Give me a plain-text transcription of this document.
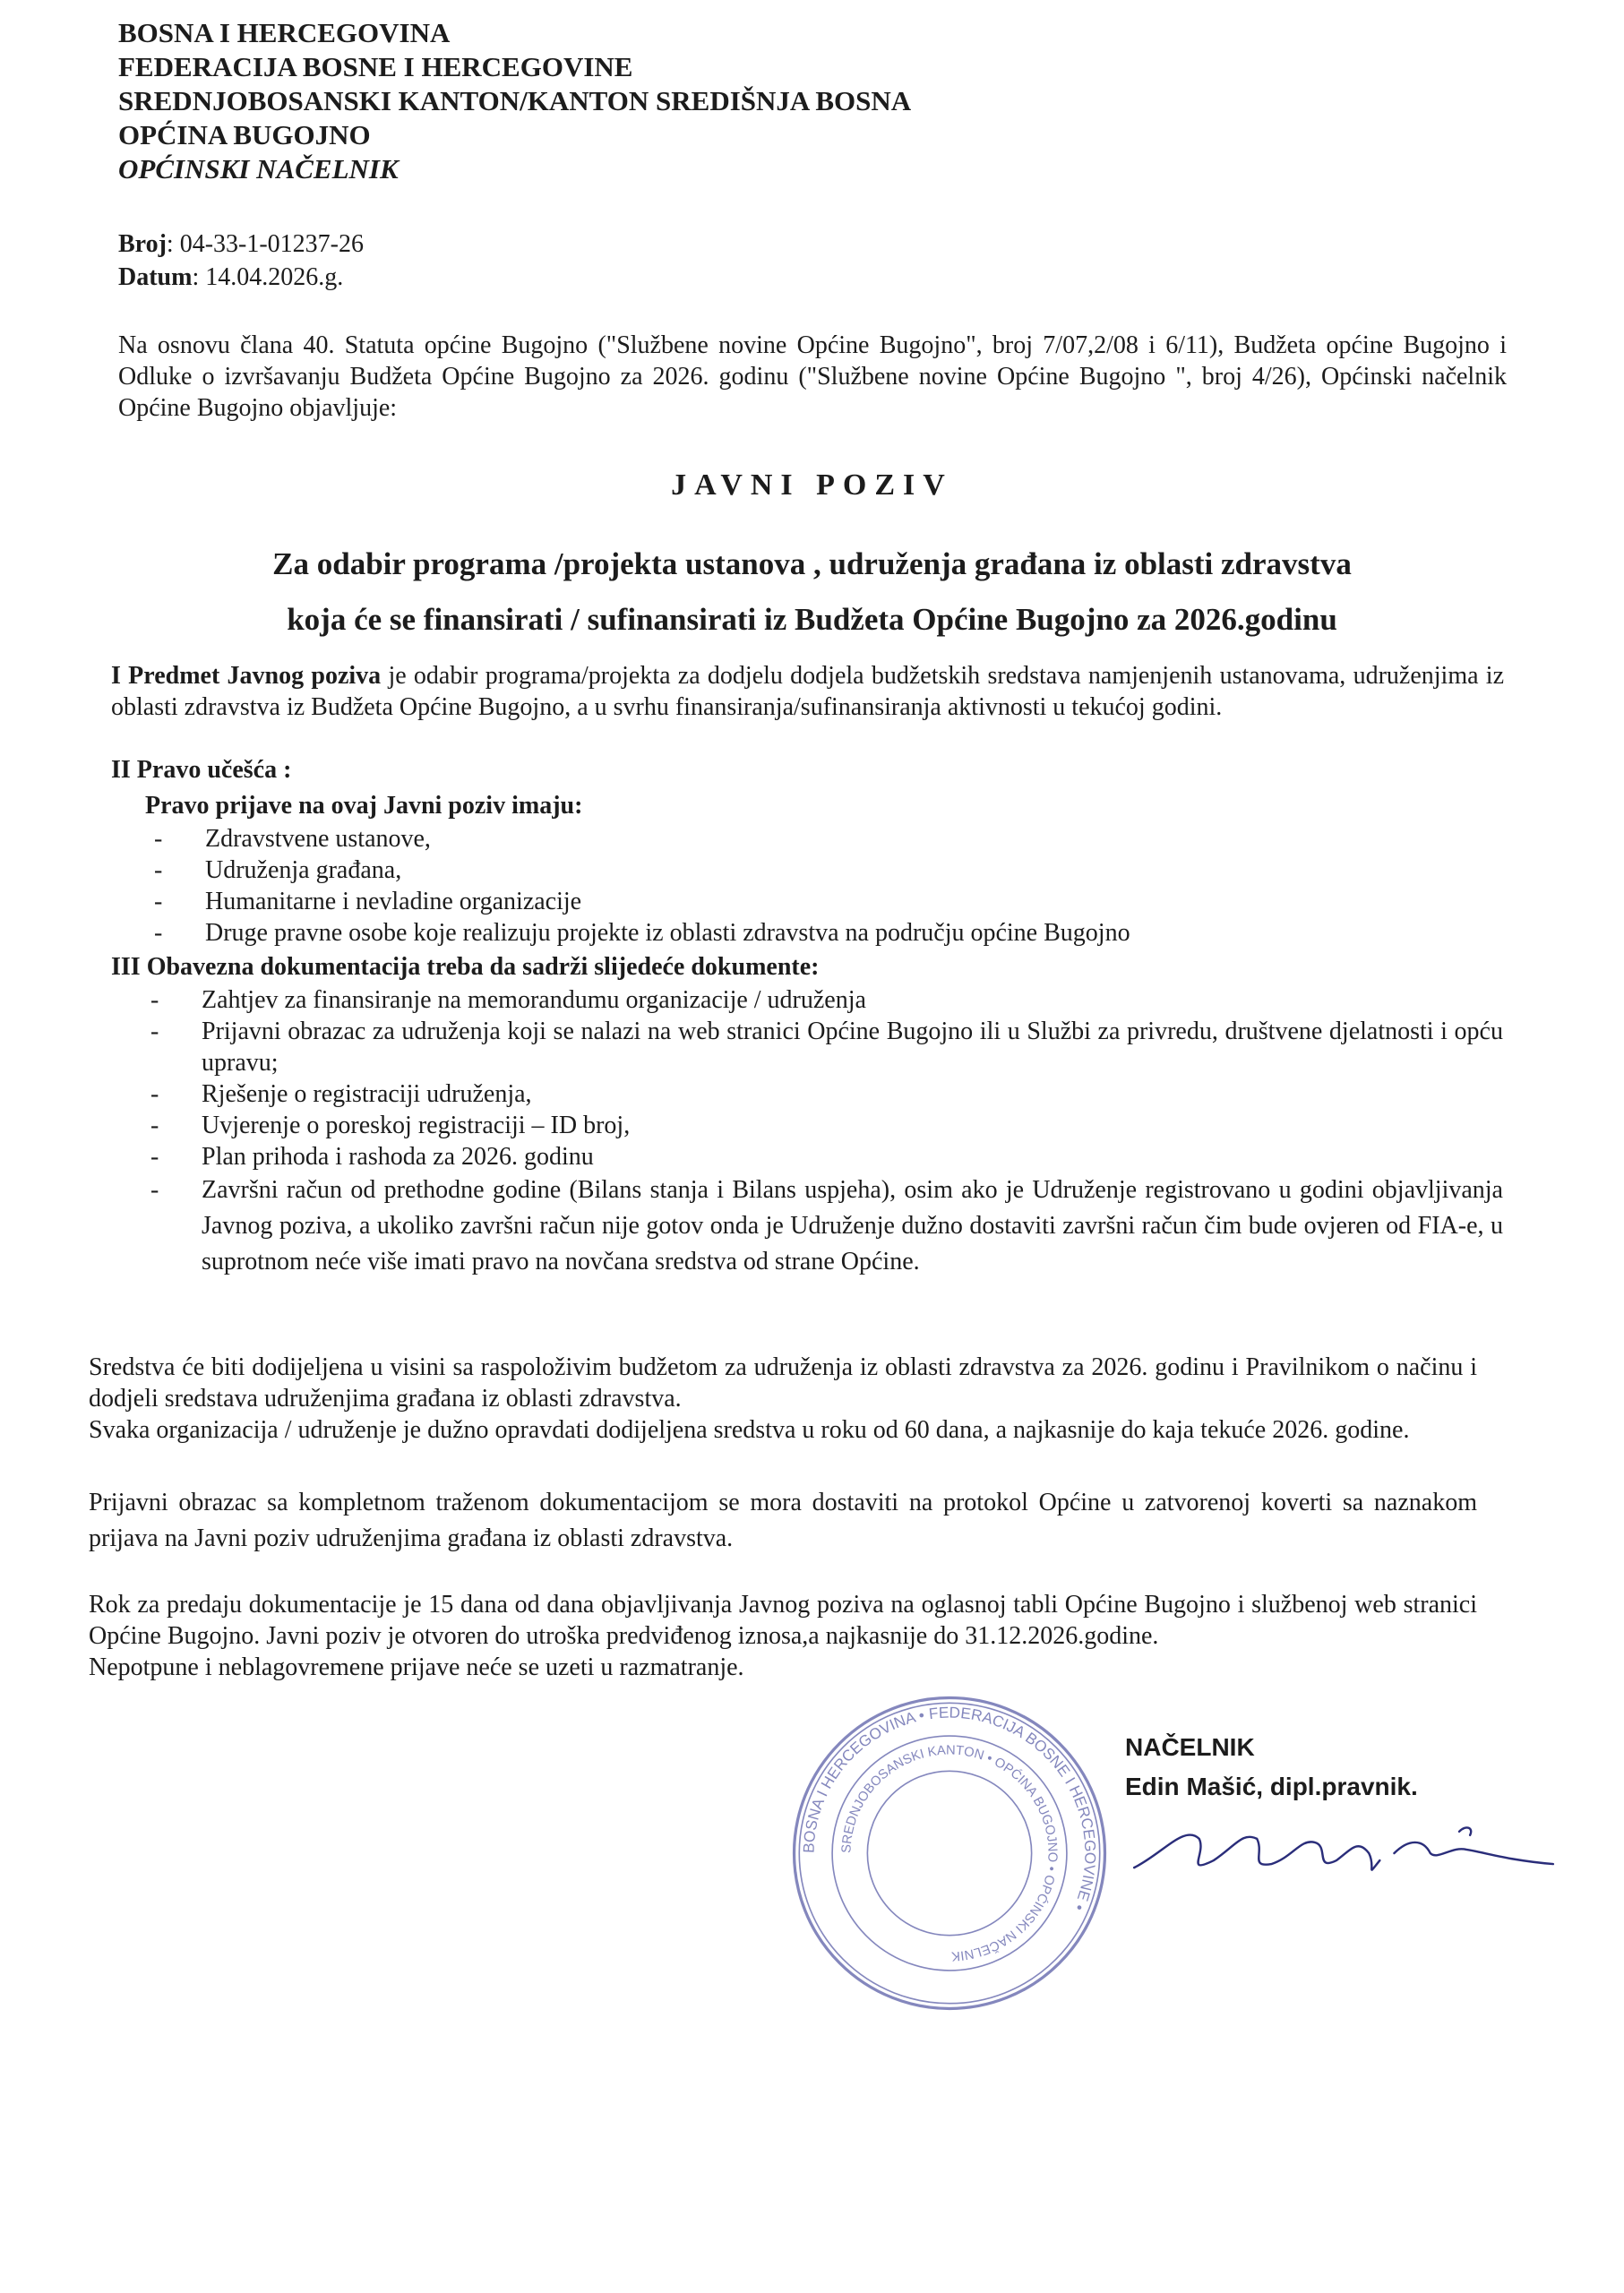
BOSNA I HERCEGOVINA
FEDERACIJA BOSNE I HERCEGOVINE
SREDNJOBOSANSKI KANTON/KANTON SREDIŠNJA BOSNA
OPĆINA BUGOJNO
OPĆINSKI NAČELNIK
Broj: 04-33-1-01237-26
Datum: 14.04.2026.g.
Na osnovu člana 40. Statuta općine Bugojno ("Službene novine Općine Bugojno", broj 7/07,2/08 i 6/11), Budžeta općine Bugojno i Odluke o izvršavanju Budžeta Općine Bugojno za 2026. godinu ("Službene novine Općine Bugojno ", broj 4/26), Općinski načelnik Općine Bugojno objavljuje:
JAVNI POZIV
Za odabir programa /projekta ustanova , udruženja građana iz oblasti zdravstva
koja će se finansirati / sufinansirati iz Budžeta Općine Bugojno za 2026.godinu
I Predmet Javnog poziva je odabir programa/projekta za dodjelu dodjela budžetskih sredstava namjenjenih ustanovama, udruženjima iz oblasti zdravstva iz Budžeta Općine Bugojno, a u svrhu finansiranja/sufinansiranja aktivnosti u tekućoj godini.
II Pravo učešća :
Pravo prijave na ovaj Javni poziv imaju:
- Zdravstvene ustanove,
- Udruženja građana,
- Humanitarne i nevladine organizacije
- Druge pravne osobe koje realizuju projekte iz oblasti zdravstva na području općine Bugojno
III Obavezna dokumentacija treba da sadrži slijedeće dokumente:
- Zahtjev za finansiranje na memorandumu organizacije / udruženja
- Prijavni obrazac za udruženja koji se nalazi na web stranici Općine Bugojno ili u Službi za privredu, društvene djelatnosti i opću upravu;
- Rješenje o registraciji udruženja,
- Uvjerenje o poreskoj registraciji – ID broj,
- Plan prihoda i rashoda za 2026. godinu
- Završni račun od prethodne godine (Bilans stanja i Bilans uspjeha), osim ako je Udruženje registrovano u godini objavljivanja Javnog poziva, a ukoliko završni račun nije gotov onda je Udruženje dužno dostaviti završni račun čim bude ovjeren od FIA-e, u suprotnom neće više imati pravo na novčana sredstva od strane Općine.
Sredstva će biti dodijeljena u visini sa raspoloživim budžetom za udruženja iz oblasti zdravstva za 2026. godinu i Pravilnikom o načinu i dodjeli sredstava udruženjima građana iz oblasti zdravstva.
Svaka organizacija / udruženje je dužno opravdati dodijeljena sredstva u roku od 60 dana, a najkasnije do kaja tekuće 2026. godine.
Prijavni obrazac sa kompletnom traženom dokumentacijom se mora dostaviti na protokol Općine u zatvorenoj koverti sa naznakom prijava na Javni poziv udruženjima građana iz oblasti zdravstva.
Rok za predaju dokumentacije je 15 dana od dana objavljivanja Javnog poziva na oglasnoj tabli Općine Bugojno i službenoj web stranici Općine Bugojno. Javni poziv je otvoren do utroška predviđenog iznosa,a najkasnije do 31.12.2026.godine.
Nepotpune i neblagovremene prijave neće se uzeti u razmatranje.
BOSNA I HERCEGOVINA • FEDERACIJA BOSNE I HERCEGOVINE •
SREDNJOBOSANSKI KANTON • OPĆINA BUGOJNO • OPĆINSKI NAČELNIK
NAČELNIK
Edin Mašić, dipl.pravnik.
